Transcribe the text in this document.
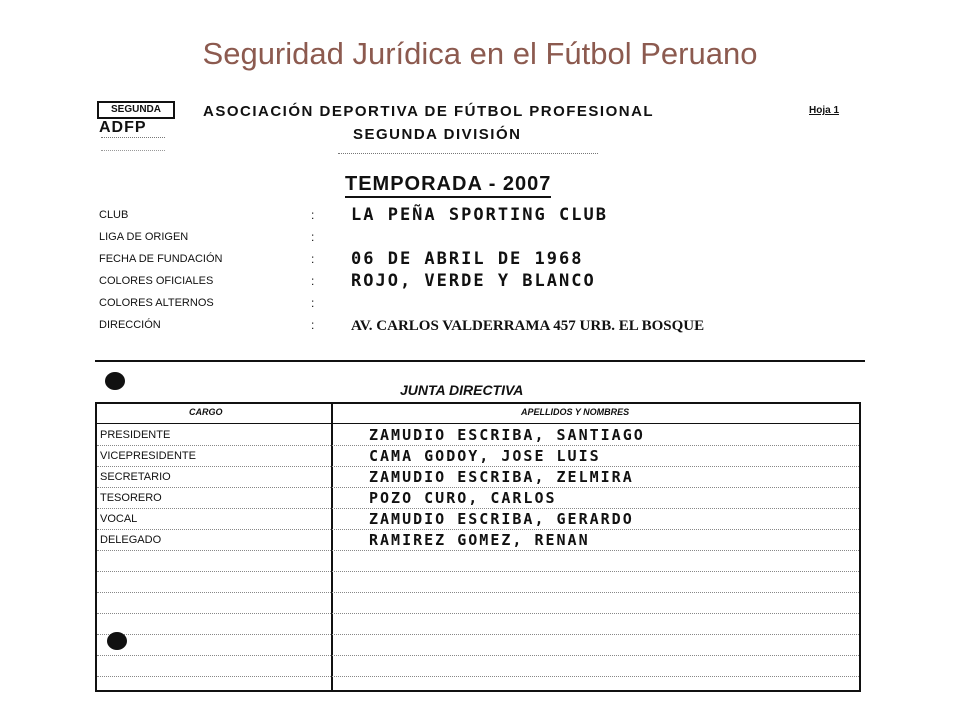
Seguridad Jurídica en el Fútbol Peruano
SEGUNDA
ADFP
ASOCIACIÓN DEPORTIVA DE FÚTBOL PROFESIONAL
SEGUNDA DIVISIÓN
Hoja 1
TEMPORADA - 2007
CLUB	: LA PEÑA SPORTING CLUB
LIGA DE ORIGEN	:
FECHA DE FUNDACIÓN	: 06 DE ABRIL DE 1968
COLORES OFICIALES	: ROJO, VERDE Y BLANCO
COLORES ALTERNOS	:
DIRECCIÓN	: AV. CARLOS VALDERRAMA 457 URB. EL BOSQUE
JUNTA DIRECTIVA
CARGO	APELLIDOS Y NOMBRES
PRESIDENTE	ZAMUDIO ESCRIBA, SANTIAGO
VICEPRESIDENTE	CAMA GODOY, JOSE LUIS
SECRETARIO	ZAMUDIO ESCRIBA, ZELMIRA
TESORERO	POZO CURO, CARLOS
VOCAL	ZAMUDIO ESCRIBA, GERARDO
DELEGADO	RAMIREZ GOMEZ, RENAN
